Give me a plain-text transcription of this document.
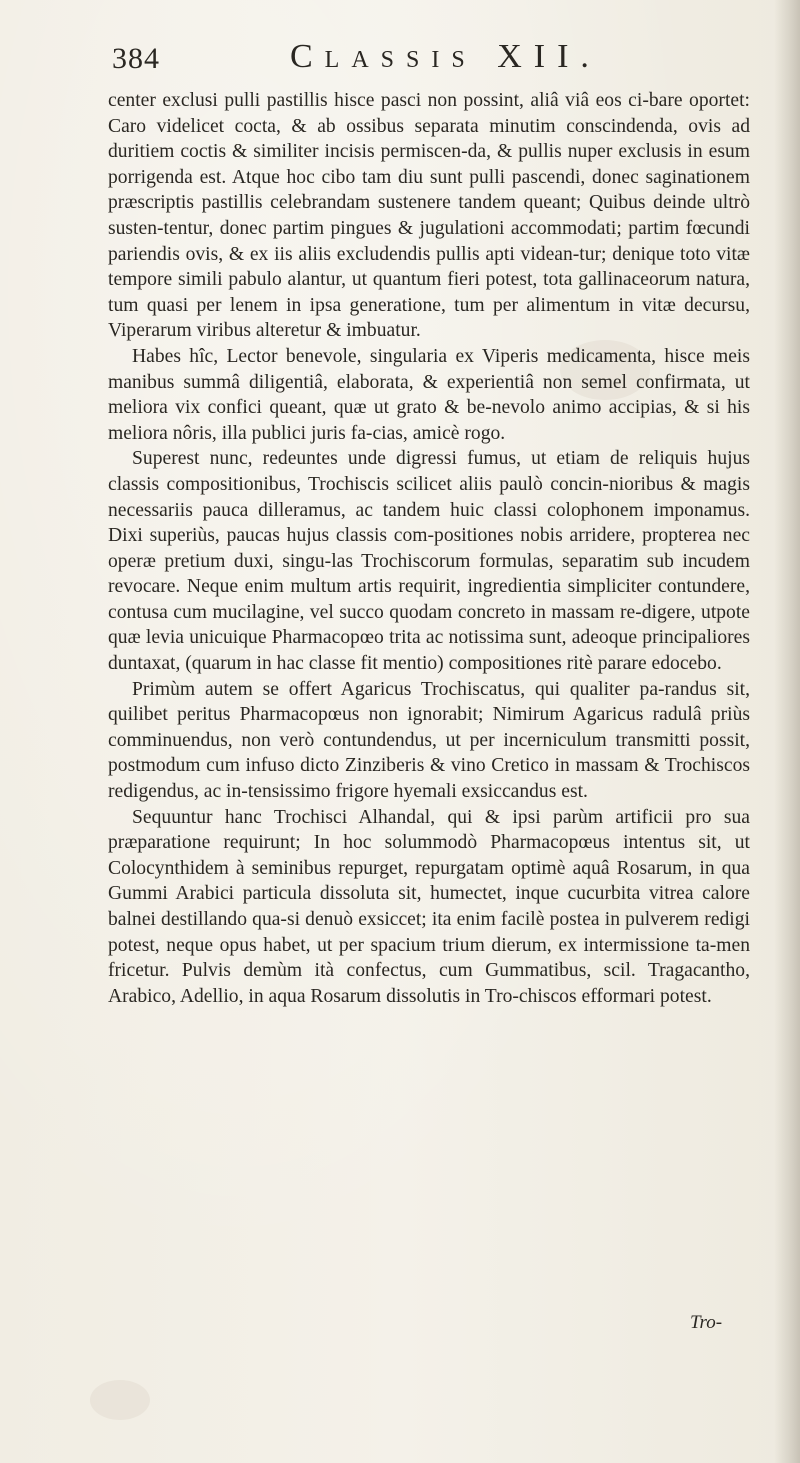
384	Classis XII.

center exclusi pulli pastillis hisce pasci non possint, aliâ viâ eos ci-bare oportet: Caro videlicet cocta, & ab ossibus separata minutim conscindenda, ovis ad duritiem coctis & similiter incisis permiscen-da, & pullis nuper exclusis in esum porrigenda est. Atque hoc cibo tam diu sunt pulli pascendi, donec saginationem præscriptis pastillis celebrandam sustenere tandem queant; Quibus deinde ultrò susten-tentur, donec partim pingues & jugulationi accommodati; partim fœcundi pariendis ovis, & ex iis aliis excludendis pullis apti videan-tur; denique toto vitæ tempore simili pabulo alantur, ut quantum fieri potest, tota gallinaceorum natura, tum quasi per lenem in ipsa generatione, tum per alimentum in vitæ decursu, Viperarum viribus alteretur & imbuatur.

Habes hîc, Lector benevole, singularia ex Viperis medicamenta, hisce meis manibus summâ diligentiâ, elaborata, & experientiâ non semel confirmata, ut meliora vix confici queant, quæ ut grato & be-nevolo animo accipias, & si his meliora nôris, illa publici juris fa-cias, amicè rogo.

Superest nunc, redeuntes unde digressi fumus, ut etiam de reliquis hujus classis compositionibus, Trochiscis scilicet aliis paulò concin-nioribus & magis necessariis pauca dilleramus, ac tandem huic classi colophonem imponamus. Dixi superiùs, paucas hujus classis com-positiones nobis arridere, propterea nec operæ pretium duxi, singu-las Trochiscorum formulas, separatim sub incudem revocare. Neque enim multum artis requirit, ingredientia simpliciter contundere, contusa cum mucilagine, vel succo quodam concreto in massam re-digere, utpote quæ levia unicuique Pharmacopœo trita ac notissima sunt, adeoque principaliores duntaxat, (quarum in hac classe fit mentio) compositiones ritè parare edocebo.

Primùm autem se offert Agaricus Trochiscatus, qui qualiter pa-randus sit, quilibet peritus Pharmacopœus non ignorabit; Nimirum Agaricus radulâ priùs comminuendus, non verò contundendus, ut per incerniculum transmitti possit, postmodum cum infuso dicto Zinziberis & vino Cretico in massam & Trochiscos redigendus, ac in-tensissimo frigore hyemali exsiccandus est.

Sequuntur hanc Trochisci Alhandal, qui & ipsi parùm artificii pro sua præparatione requirunt; In hoc solummodò Pharmacopœus intentus sit, ut Colocynthidem à seminibus repurget, repurgatam optimè aquâ Rosarum, in qua Gummi Arabici particula dissoluta sit, humectet, inque cucurbita vitrea calore balnei destillando qua-si denuò exsiccet; ita enim facilè postea in pulverem redigi potest, neque opus habet, ut per spacium trium dierum, ex intermissione ta-men fricetur. Pulvis demùm ità confectus, cum Gummatibus, scil. Tragacantho, Arabico, Adellio, in aqua Rosarum dissolutis in Tro-chiscos efformari potest.

Tro-
